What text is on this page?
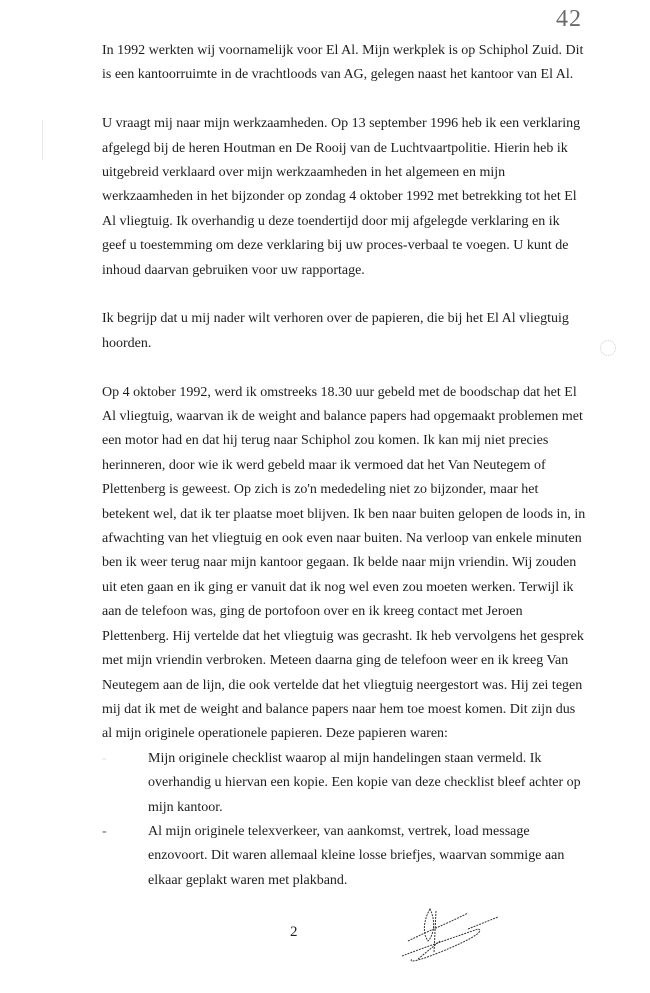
42

In 1992 werkten wij voornamelijk voor El Al. Mijn werkplek is op Schiphol Zuid. Dit is een kantoorruimte in de vrachtloods van AG, gelegen naast het kantoor van El Al.

U vraagt mij naar mijn werkzaamheden. Op 13 september 1996 heb ik een verklaring afgelegd bij de heren Houtman en De Rooij van de Luchtvaartpolitie. Hierin heb ik uitgebreid verklaard over mijn werkzaamheden in het algemeen en mijn werkzaamheden in het bijzonder op zondag 4 oktober 1992 met betrekking tot het El Al vliegtuig. Ik overhandig u deze toendertijd door mij afgelegde verklaring en ik geef u toestemming om deze verklaring bij uw proces-verbaal te voegen. U kunt de inhoud daarvan gebruiken voor uw rapportage.

Ik begrijp dat u mij nader wilt verhoren over de papieren, die bij het El Al vliegtuig hoorden.

Op 4 oktober 1992, werd ik omstreeks 18.30 uur gebeld met de boodschap dat het El Al vliegtuig, waarvan ik de weight and balance papers had opgemaakt problemen met een motor had en dat hij terug naar Schiphol zou komen. Ik kan mij niet precies herinneren, door wie ik werd gebeld maar ik vermoed dat het Van Neutegem of Plettenberg is geweest. Op zich is zo'n mededeling niet zo bijzonder, maar het betekent wel, dat ik ter plaatse moet blijven. Ik ben naar buiten gelopen de loods in, in afwachting van het vliegtuig en ook even naar buiten. Na verloop van enkele minuten ben ik weer terug naar mijn kantoor gegaan. Ik belde naar mijn vriendin. Wij zouden uit eten gaan en ik ging er vanuit dat ik nog wel even zou moeten werken. Terwijl ik aan de telefoon was, ging de portofoon over en ik kreeg contact met Jeroen Plettenberg. Hij vertelde dat het vliegtuig was gecrasht. Ik heb vervolgens het gesprek met mijn vriendin verbroken. Meteen daarna ging de telefoon weer en ik kreeg Van Neutegem aan de lijn, die ook vertelde dat het vliegtuig neergestort was. Hij zei tegen mij dat ik met de weight and balance papers naar hem toe moest komen. Dit zijn dus al mijn originele operationele papieren. Deze papieren waren:

-	Mijn originele checklist waarop al mijn handelingen staan vermeld. Ik overhandig u hiervan een kopie. Een kopie van deze checklist bleef achter op mijn kantoor.
-	Al mijn originele telexverkeer, van aankomst, vertrek, load message enzovoort. Dit waren allemaal kleine losse briefjes, waarvan sommige aan elkaar geplakt waren met plakband.
2
